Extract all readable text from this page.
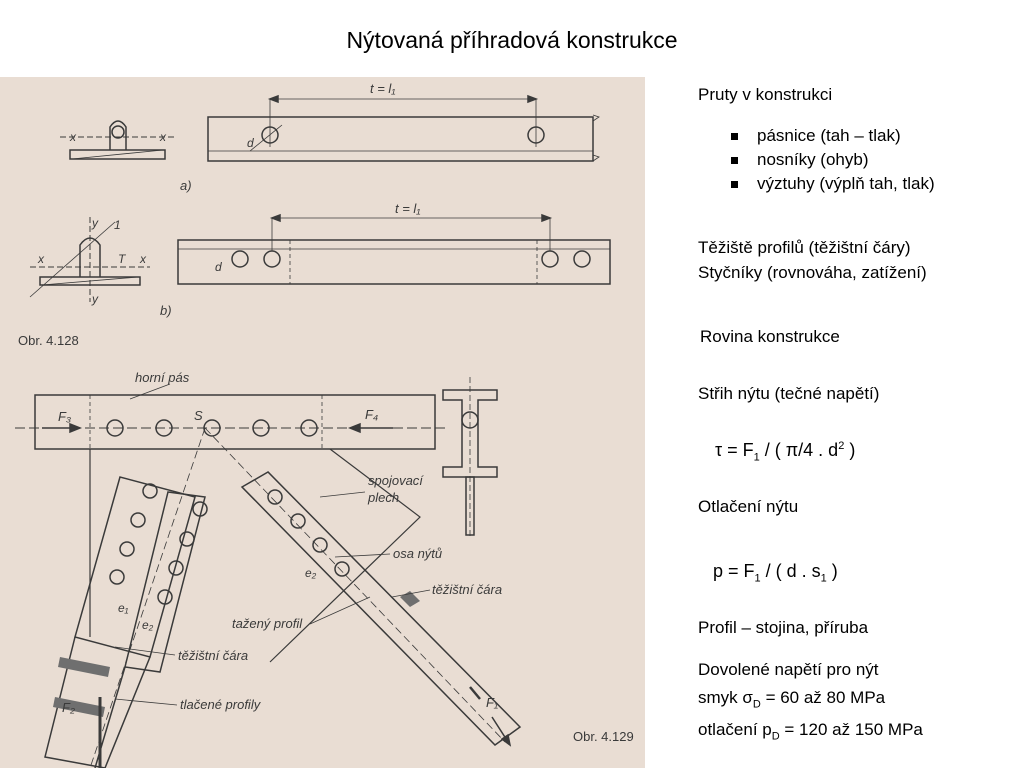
Nýtovaná příhradová konstrukce
x	x
t = l₁
d
a)
x	x
y
y
T
1
t = l₁
d
b)
Obr. 4.128
F₃	F₄
S
horní pás
F₂
e₁
e₂
těžištní čára
tlačené profily	F₁
e₂
spojovací
plech
osa nýtů
těžištní čára
tažený profil
Obr. 4.129
Pruty v konstrukci
pásnice (tah – tlak)
nosníky (ohyb)
výztuhy (výplň tah, tlak)
Těžiště profilů (těžištní čáry)
Styčníky (rovnováha, zatížení)
Rovina konstrukce
Střih nýtu (tečné napětí)
$\tau = F_1$ / ( π/4 . $d^2$ )
Otlačení nýtu
$p = F_1$ / ( d . $s_1$ )
Profil – stojina, příruba
Dovolené napětí pro nýt
smyk $\sigma_D = 60$ až 80 MPa
otlačení $p_D = 120$ až 150 MPa
